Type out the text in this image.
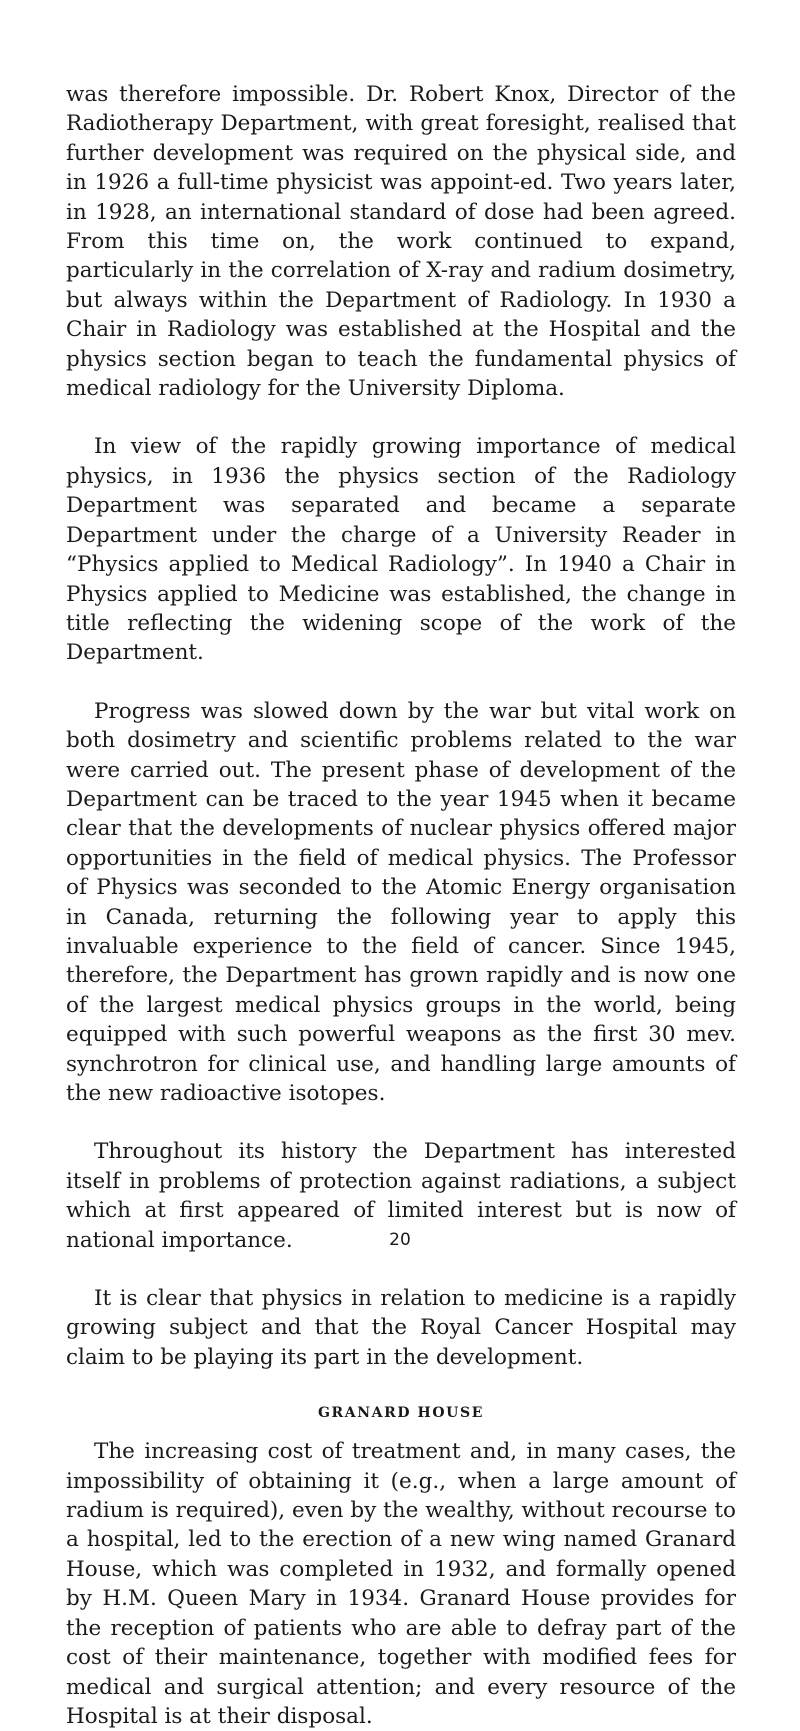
was therefore impossible. Dr. Robert Knox, Director of the Radiotherapy Department, with great foresight, realised that further development was required on the physical side, and in 1926 a full-time physicist was appoint-ed. Two years later, in 1928, an international standard of dose had been agreed. From this time on, the work continued to expand, particularly in the correlation of X-ray and radium dosimetry, but always within the Department of Radiology. In 1930 a Chair in Radiology was established at the Hospital and the physics section began to teach the fundamental physics of medical radiology for the University Diploma.

In view of the rapidly growing importance of medical physics, in 1936 the physics section of the Radiology Department was separated and became a separate Department under the charge of a University Reader in “Physics applied to Medical Radiology”. In 1940 a Chair in Physics applied to Medicine was established, the change in title reflecting the widening scope of the work of the Department.

Progress was slowed down by the war but vital work on both dosimetry and scientific problems related to the war were carried out. The present phase of development of the Department can be traced to the year 1945 when it became clear that the developments of nuclear physics offered major opportunities in the field of medical physics. The Professor of Physics was seconded to the Atomic Energy organisation in Canada, returning the following year to apply this invaluable experience to the field of cancer. Since 1945, therefore, the Department has grown rapidly and is now one of the largest medical physics groups in the world, being equipped with such powerful weapons as the first 30 mev. synchrotron for clinical use, and handling large amounts of the new radioactive isotopes.

Throughout its history the Department has interested itself in problems of protection against radiations, a subject which at first appeared of limited interest but is now of national importance.

It is clear that physics in relation to medicine is a rapidly growing subject and that the Royal Cancer Hospital may claim to be playing its part in the development.

GRANARD HOUSE

The increasing cost of treatment and, in many cases, the impossibility of obtaining it (e.g., when a large amount of radium is required), even by the wealthy, without recourse to a hospital, led to the erection of a new wing named Granard House, which was completed in 1932, and formally opened by H.M. Queen Mary in 1934. Granard House provides for the reception of patients who are able to defray part of the cost of their maintenance, together with modified fees for medical and surgical attention; and every resource of the Hospital is at their disposal.

20
